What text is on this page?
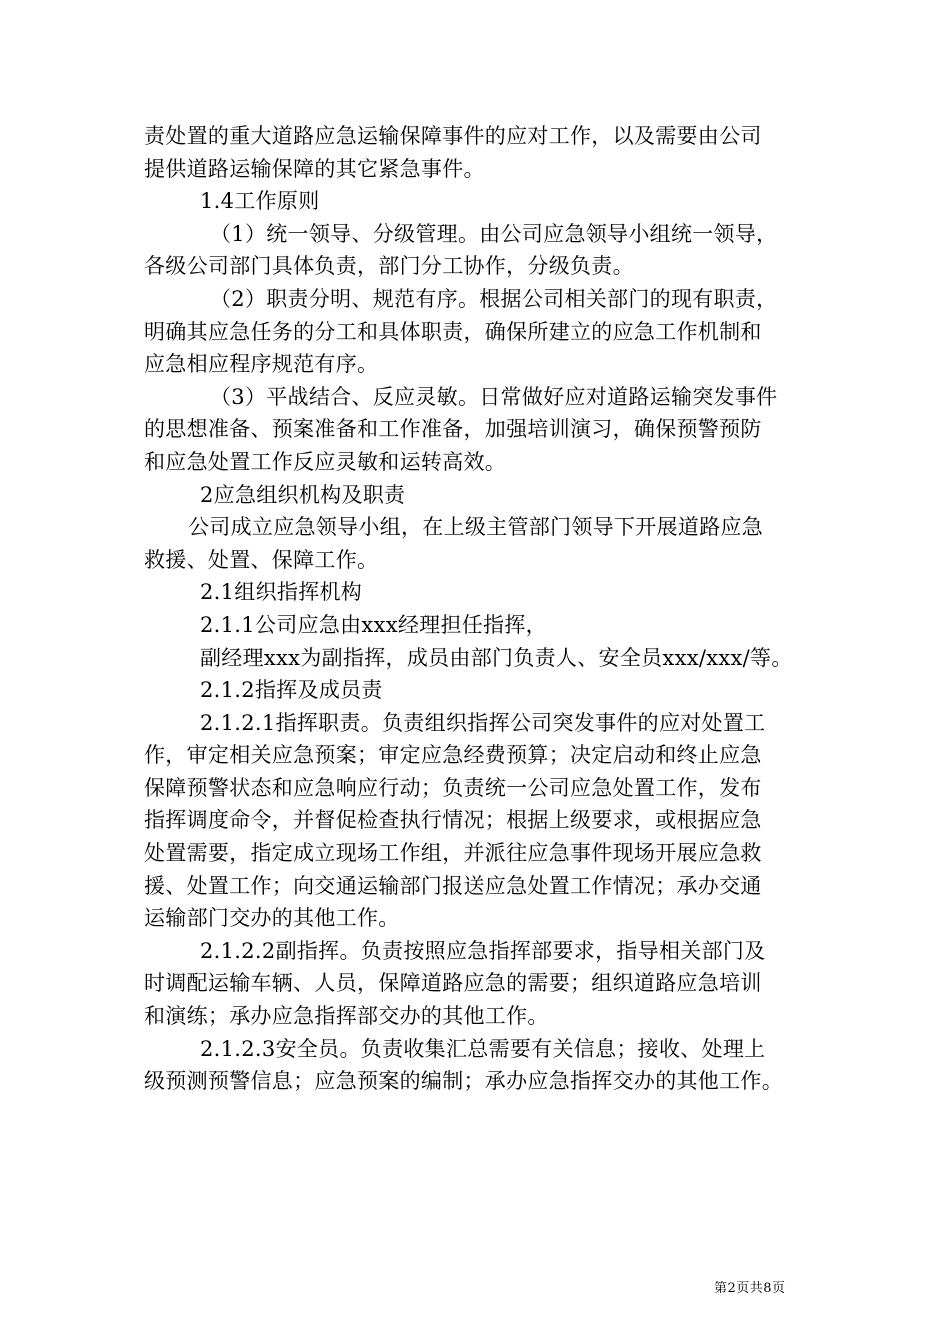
责处置的重大道路应急运输保障事件的应对工作，以及需要由公司
提供道路运输保障的其它紧急事件。
1.4工作原则
（1）统一领导、分级管理。由公司应急领导小组统一领导，
各级公司部门具体负责，部门分工协作，分级负责。
（2）职责分明、规范有序。根据公司相关部门的现有职责，
明确其应急任务的分工和具体职责，确保所建立的应急工作机制和
应急相应程序规范有序。
（3）平战结合、反应灵敏。日常做好应对道路运输突发事件
的思想准备、预案准备和工作准备，加强培训演习，确保预警预防
和应急处置工作反应灵敏和运转高效。
2应急组织机构及职责
公司成立应急领导小组，在上级主管部门领导下开展道路应急
救援、处置、保障工作。
2.1组织指挥机构
2.1.1公司应急由xxx经理担任指挥，
副经理xxx为副指挥，成员由部门负责人、安全员xxx/xxx/等。
2.1.2指挥及成员责
2.1.2.1指挥职责。负责组织指挥公司突发事件的应对处置工
作，审定相关应急预案；审定应急经费预算；决定启动和终止应急
保障预警状态和应急响应行动；负责统一公司应急处置工作，发布
指挥调度命令，并督促检查执行情况；根据上级要求，或根据应急
处置需要，指定成立现场工作组，并派往应急事件现场开展应急救
援、处置工作；向交通运输部门报送应急处置工作情况；承办交通
运输部门交办的其他工作。
2.1.2.2副指挥。负责按照应急指挥部要求，指导相关部门及
时调配运输车辆、人员，保障道路应急的需要；组织道路应急培训
和演练；承办应急指挥部交办的其他工作。
2.1.2.3安全员。负责收集汇总需要有关信息；接收、处理上
级预测预警信息；应急预案的编制；承办应急指挥交办的其他工作。
第2页共8页
